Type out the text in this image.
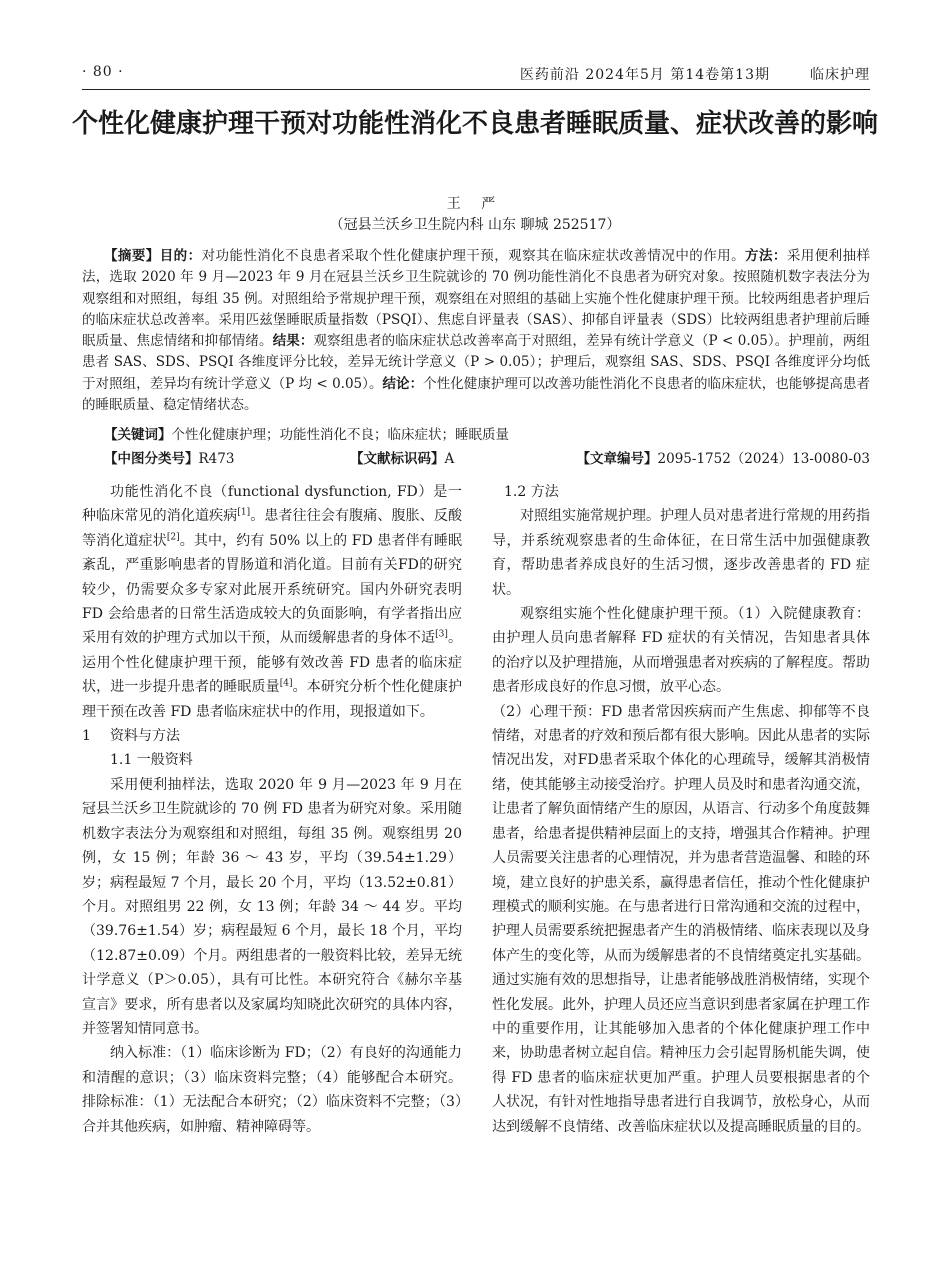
· 80 ·	医药前沿 2024年5月 第14卷第13期	临床护理
个性化健康护理干预对功能性消化不良患者睡眠质量、症状改善的影响
王 严
（冠县兰沃乡卫生院内科 山东 聊城 252517）
【摘要】目的：对功能性消化不良患者采取个性化健康护理干预，观察其在临床症状改善情况中的作用。方法：采用便利抽样法，选取 2020 年 9 月—2023 年 9 月在冠县兰沃乡卫生院就诊的 70 例功能性消化不良患者为研究对象。按照随机数字表法分为观察组和对照组，每组 35 例。对照组给予常规护理干预，观察组在对照组的基础上实施个性化健康护理干预。比较两组患者护理后的临床症状总改善率。采用匹兹堡睡眠质量指数（PSQI）、焦虑自评量表（SAS）、抑郁自评量表（SDS）比较两组患者护理前后睡眠质量、焦虑情绪和抑郁情绪。结果：观察组患者的临床症状总改善率高于对照组，差异有统计学意义（P < 0.05）。护理前，两组患者 SAS、SDS、PSQI 各维度评分比较，差异无统计学意义（P > 0.05）；护理后，观察组 SAS、SDS、PSQI 各维度评分均低于对照组，差异均有统计学意义（P 均 < 0.05）。结论：个性化健康护理可以改善功能性消化不良患者的临床症状，也能够提高患者的睡眠质量、稳定情绪状态。
【关键词】个性化健康护理；功能性消化不良；临床症状；睡眠质量
【中图分类号】R473	【文献标识码】A	【文章编号】2095-1752（2024）13-0080-03

功能性消化不良（functional dysfunction, FD）是一种临床常见的消化道疾病[1]。患者往往会有腹痛、腹胀、反酸等消化道症状[2]。其中，约有 50% 以上的 FD 患者伴有睡眠紊乱，严重影响患者的胃肠道和消化道。目前有关FD的研究较少，仍需要众多专家对此展开系统研究。国内外研究表明 FD 会给患者的日常生活造成较大的负面影响，有学者指出应采用有效的护理方式加以干预，从而缓解患者的身体不适[3]。运用个性化健康护理干预，能够有效改善 FD 患者的临床症状，进一步提升患者的睡眠质量[4]。本研究分析个性化健康护理干预在改善 FD 患者临床症状中的作用，现报道如下。

1 资料与方法

1.1 一般资料

采用便利抽样法，选取 2020 年 9 月—2023 年 9 月在冠县兰沃乡卫生院就诊的 70 例 FD 患者为研究对象。采用随机数字表法分为观察组和对照组，每组 35 例。观察组男 20 例，女 15 例；年龄 36 ～ 43 岁，平均（39.54±1.29）岁；病程最短 7 个月，最长 20 个月，平均（13.52±0.81）个月。对照组男 22 例，女 13 例；年龄 34 ～ 44 岁。平均（39.76±1.54）岁；病程最短 6 个月，最长 18 个月，平均（12.87±0.09）个月。两组患者的一般资料比较，差异无统计学意义（P＞0.05），具有可比性。本研究符合《赫尔辛基宣言》要求，所有患者以及家属均知晓此次研究的具体内容，并签署知情同意书。

纳入标准：（1）临床诊断为 FD；（2）有良好的沟通能力和清醒的意识；（3）临床资料完整；（4）能够配合本研究。排除标准：（1）无法配合本研究；（2）临床资料不完整；（3）合并其他疾病，如肿瘤、精神障碍等。

1.2 方法

对照组实施常规护理。护理人员对患者进行常规的用药指导，并系统观察患者的生命体征，在日常生活中加强健康教育，帮助患者养成良好的生活习惯，逐步改善患者的 FD 症状。

观察组实施个性化健康护理干预。（1）入院健康教育：由护理人员向患者解释 FD 症状的有关情况，告知患者具体的治疗以及护理措施，从而增强患者对疾病的了解程度。帮助患者形成良好的作息习惯，放平心态。

（2）心理干预：FD 患者常因疾病而产生焦虑、抑郁等不良情绪，对患者的疗效和预后都有很大影响。因此从患者的实际情况出发，对FD患者采取个体化的心理疏导，缓解其消极情绪，使其能够主动接受治疗。护理人员及时和患者沟通交流，让患者了解负面情绪产生的原因，从语言、行动多个角度鼓舞患者，给患者提供精神层面上的支持，增强其合作精神。护理人员需要关注患者的心理情况，并为患者营造温馨、和睦的环境，建立良好的护患关系，赢得患者信任，推动个性化健康护理模式的顺利实施。在与患者进行日常沟通和交流的过程中，护理人员需要系统把握患者产生的消极情绪、临床表现以及身体产生的变化等，从而为缓解患者的不良情绪奠定扎实基础。通过实施有效的思想指导，让患者能够战胜消极情绪，实现个性化发展。此外，护理人员还应当意识到患者家属在护理工作中的重要作用，让其能够加入患者的个体化健康护理工作中来，协助患者树立起自信。精神压力会引起胃肠机能失调，使得 FD 患者的临床症状更加严重。护理人员要根据患者的个人状况，有针对性地指导患者进行自我调节，放松身心，从而达到缓解不良情绪、改善临床症状以及提高睡眠质量的目的。
